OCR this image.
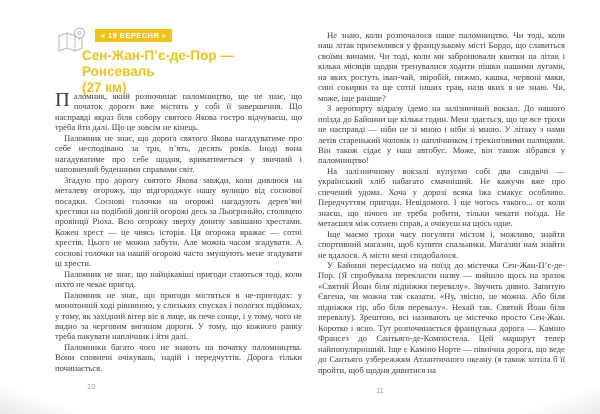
« 19 ВЕРЕСНЯ »
Сен-Жан-П’є-де-Пор — Ронсеваль
(27 км)

Паломник, який розпочинає паломництво, ще не знає, що початок дороги вже містить у собі її завершення. Що насправді якраз біля собору святого Якова гостро відчуваєш, що треба йти далі. Що це зовсім не кінець.

Паломник не знає, що дорога святого Якова нагадуватиме про себе несподівано за три, п’ять, десять років. Іноді вона нагадуватиме про себе щодня, вриватиметься у звичний і наповнений буденними справами світ.

Згадую про дорогу святого Якова завжди, коли дивлюся на металеву огорожу, що відгороджує нашу вулицю від соснової посадки. Соснові голочки на огорожі нагадують дерев’яні хрестики на подібній довгій огорожі десь за Льогроньйо, столицею провінції Ріоха. Всю огорожу зверху донизу завішано хрестами. Кожен хрест — це чиясь історія. Ця огорожа вражає — сотні хрестів. Цього не можна забути. Але можна часом згадувати. А соснові голочки на нашій огорожі часто змушують мене згадувати ці хрести.

Паломник не знає, що найцікавіші пригоди стаються тоді, коли ніхто не чекає пригод.

Паломник не знає, що пригоди містяться в не-пригодах: у монотонній ході рівниною, у слизьких спусках і пологих підйомах, у тому, як західний вітер віє в лице, як пече сонце, і у тому, чого не видно за черговим вигином дороги. У тому, що кожного ранку треба пакувати наплічник і йти далі.

Паломники багато чого не знають на початку паломництва. Вони сповнені очікувань, надій і передчуттів. Дорога тільки починається.

Не знаю, коли розпочалося наше паломництво. Чи тоді, коли наш літак приземлився у французькому місті Бордо, що славиться своїми винами. Чи тоді, коли ми забронювали квитки на літак і кілька місяців щодня тренувалися ходити пішки нашими лугами, на яких ростуть іван-чай, звіробій, пижмо, кашка, червоні маки, сині сокирки та ще сотні інших трав, назв яких я не знаю. Чи, може, іще раніше?

З аеропорту відразу їдемо на залізничний вокзал. До нашого поїзда до Байонни ще кілька годин. Мені здається, що це все трохи не насправді — ніби не зі мною і ніби зі мною. У літаку з нами летів старенький чоловік із наплічником і трекінговими палицями. Він також сідає у наш автобус. Може, він також зібрався у паломництво!

На залізничному вокзалі купуємо собі два сандвічі — український хліб набагато смачніший. Не кажучи вже про спечений удома. Хоча у дорозі всяка їжа смакує особливо. Передчуттям пригоди. Невідомого. І ще чогось такого... от коли знаєш, що нічого не треба робити, тільки чекати поїзда. Не метаєшся між сотнею справ, а очікуєш на щось одне.

Іще маємо трохи часу погуляти містом і, можливо, знайти спортивний магазин, щоб купити спальники. Магазин нам знайти не вдалося. А місто мені сподобалося.

У Байонні пересідаємо на поїзд до містечка Сен-Жан-П’є-де-Пор. (Я спробувала перекласти назву — вийшло щось на зразок «Святий Йоан біля підніжжя перевалу». Звучить дивно. Запитую Євгена, чи можна так сказати. «Ну, звісно, не можна. Або біля підніжжя гір, або біля перевалу». Нехай так. Святий Йоан біля перевалу). Зрештою, всі називають це містечко просто Сен-Жан. Коротко і ясно. Тут розпочинається французька дорога — Каміно Франсез до Сантьяго-де-Компостела. Цей маршрут тепер найпопулярніший. Іще є Каміно Норте — північна дорога, що веде до Сантьяго узбережжям Атлантичного океану (я також хотіла б її пройти, щоб щодня дивитися на

10	11
